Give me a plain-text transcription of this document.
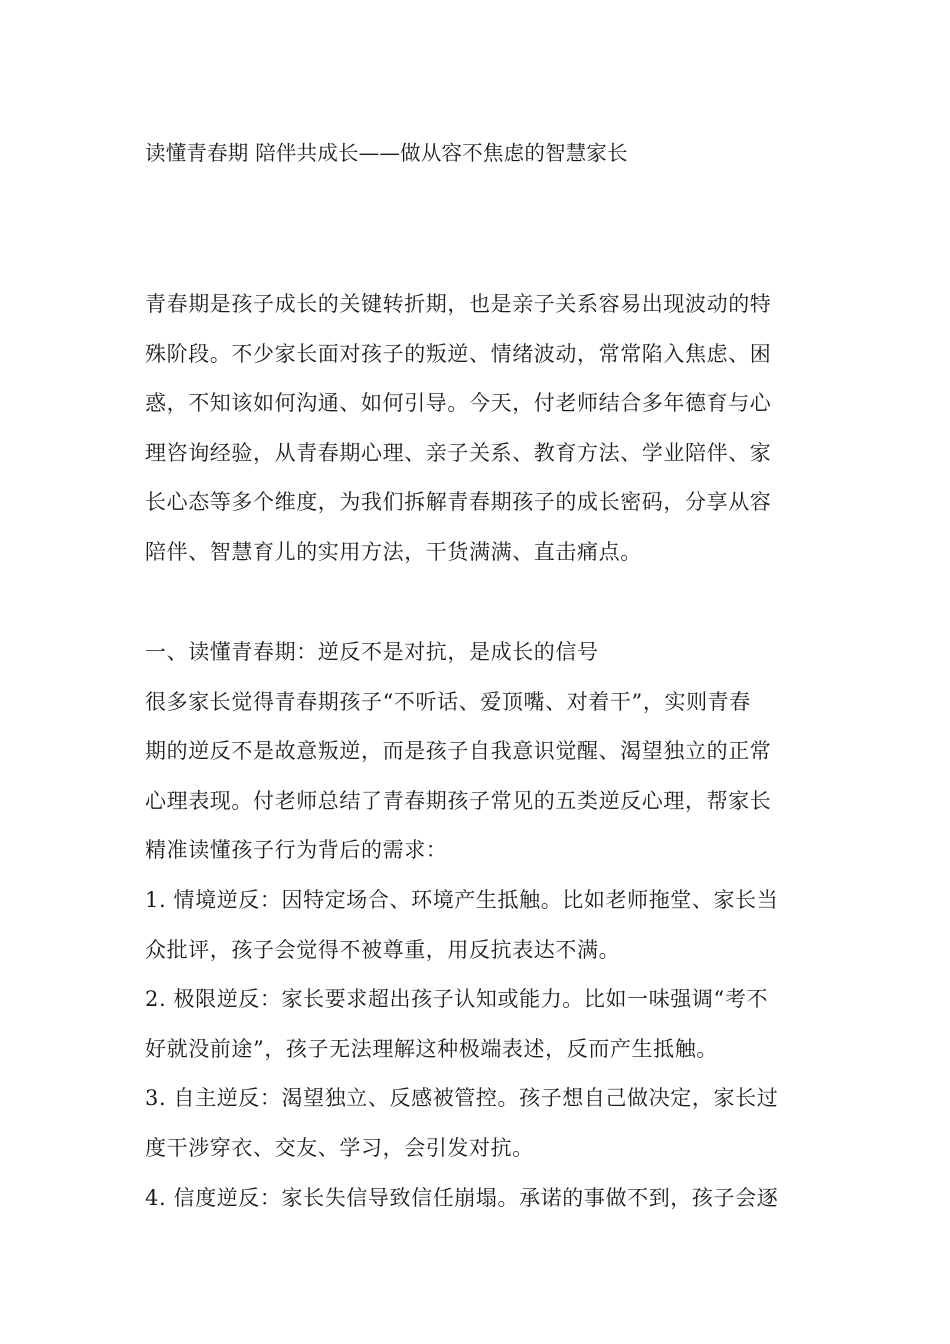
读懂青春期 陪伴共成长——做从容不焦虑的智慧家长
青春期是孩子成长的关键转折期，也是亲子关系容易出现波动的特
殊阶段。不少家长面对孩子的叛逆、情绪波动，常常陷入焦虑、困
惑，不知该如何沟通、如何引导。今天，付老师结合多年德育与心
理咨询经验，从青春期心理、亲子关系、教育方法、学业陪伴、家
长心态等多个维度，为我们拆解青春期孩子的成长密码，分享从容
陪伴、智慧育儿的实用方法，干货满满、直击痛点。
一、读懂青春期：逆反不是对抗，是成长的信号
很多家长觉得青春期孩子“不听话、爱顶嘴、对着干”，实则青春
期的逆反不是故意叛逆，而是孩子自我意识觉醒、渴望独立的正常
心理表现。付老师总结了青春期孩子常见的五类逆反心理，帮家长
精准读懂孩子行为背后的需求：
1. 情境逆反：因特定场合、环境产生抵触。比如老师拖堂、家长当
众批评，孩子会觉得不被尊重，用反抗表达不满。
2. 极限逆反：家长要求超出孩子认知或能力。比如一味强调“考不
好就没前途”，孩子无法理解这种极端表述，反而产生抵触。
3. 自主逆反：渴望独立、反感被管控。孩子想自己做决定，家长过
度干涉穿衣、交友、学习，会引发对抗。
4. 信度逆反：家长失信导致信任崩塌。承诺的事做不到，孩子会逐
